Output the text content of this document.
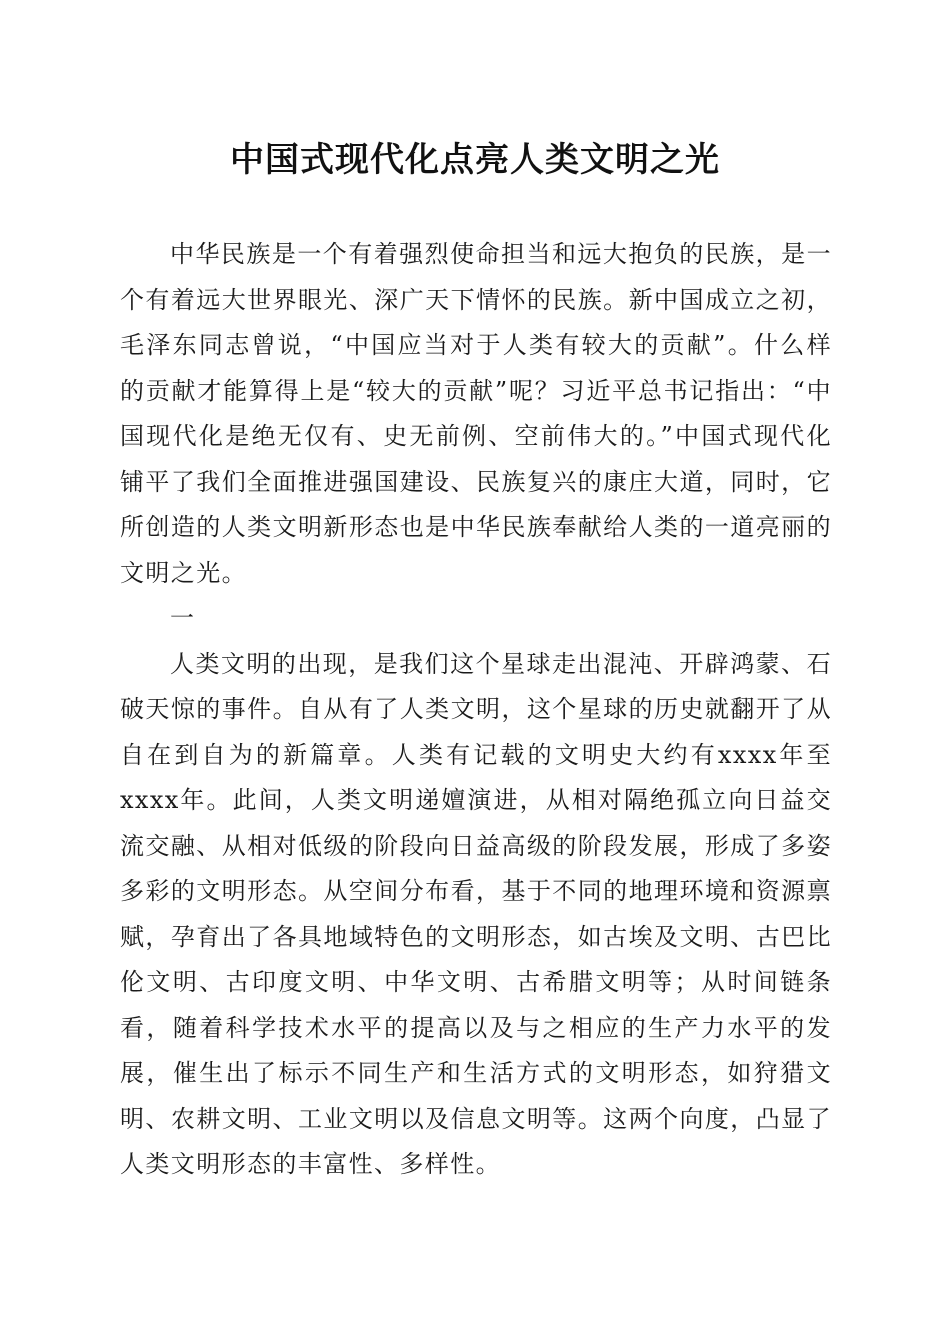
中国式现代化点亮人类文明之光

中华民族是一个有着强烈使命担当和远大抱负的民族，是一个有着远大世界眼光、深广天下情怀的民族。新中国成立之初，毛泽东同志曾说，“中国应当对于人类有较大的贡献”。什么样的贡献才能算得上是“较大的贡献”呢？习近平总书记指出：“中国现代化是绝无仅有、史无前例、空前伟大的。”中国式现代化铺平了我们全面推进强国建设、民族复兴的康庄大道，同时，它所创造的人类文明新形态也是中华民族奉献给人类的一道亮丽的文明之光。

一

人类文明的出现，是我们这个星球走出混沌、开辟鸿蒙、石破天惊的事件。自从有了人类文明，这个星球的历史就翻开了从自在到自为的新篇章。人类有记载的文明史大约有xxxx年至xxxx年。此间，人类文明递嬗演进，从相对隔绝孤立向日益交流交融、从相对低级的阶段向日益高级的阶段发展，形成了多姿多彩的文明形态。从空间分布看，基于不同的地理环境和资源禀赋，孕育出了各具地域特色的文明形态，如古埃及文明、古巴比伦文明、古印度文明、中华文明、古希腊文明等；从时间链条看，随着科学技术水平的提高以及与之相应的生产力水平的发展，催生出了标示不同生产和生活方式的文明形态，如狩猎文明、农耕文明、工业文明以及信息文明等。这两个向度，凸显了人类文明形态的丰富性、多样性。
